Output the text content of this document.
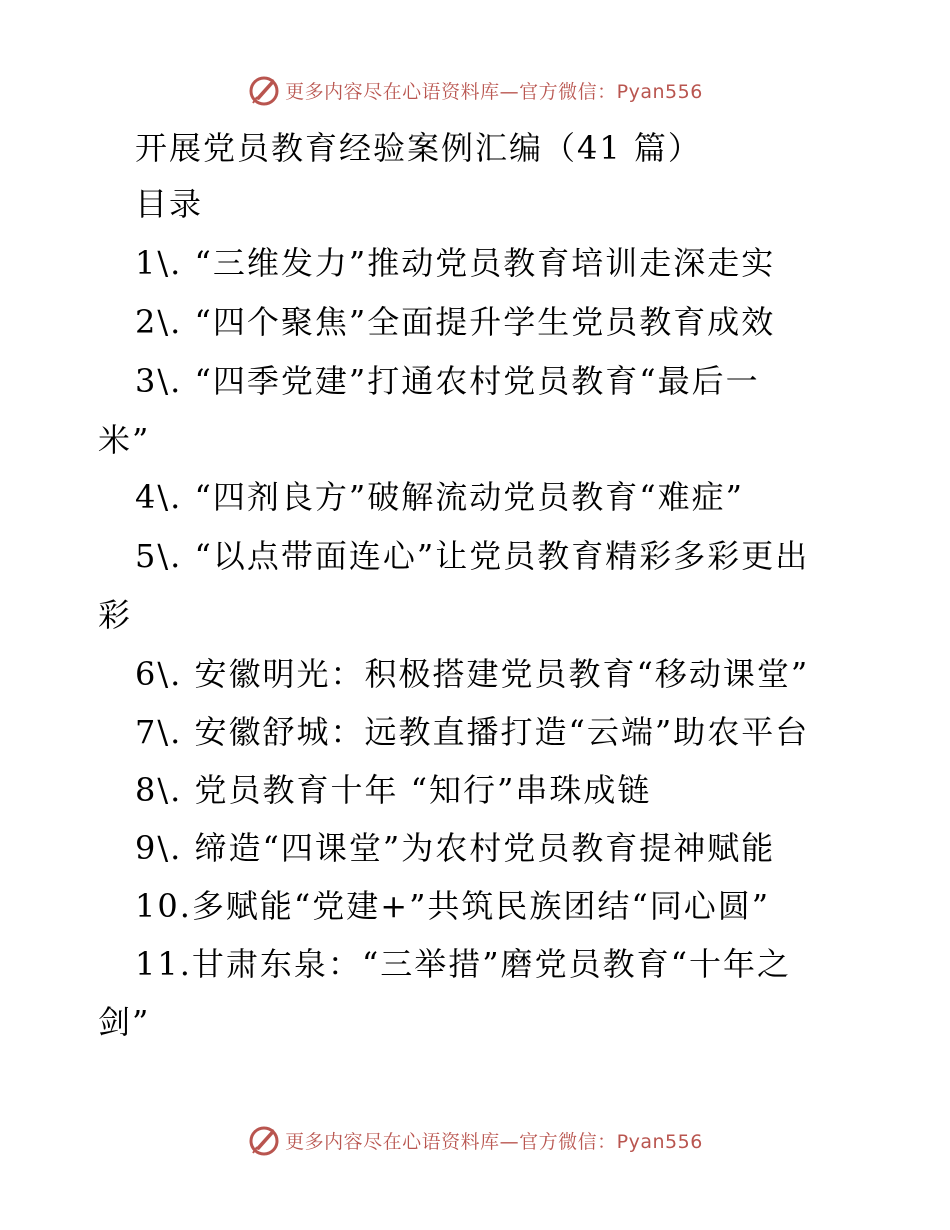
更多内容尽在心语资料库—官方微信：Pyan556
开展党员教育经验案例汇编（41 篇）
目录
1\. “三维发力”推动党员教育培训走深走实
2\. “四个聚焦”全面提升学生党员教育成效
3\. “四季党建”打通农村党员教育“最后一
米”
4\. “四剂良方”破解流动党员教育“难症”
5\. “以点带面连心”让党员教育精彩多彩更出
彩
6\. 安徽明光：积极搭建党员教育“移动课堂”
7\. 安徽舒城：远教直播打造“云端”助农平台
8\. 党员教育十年 “知行”串珠成链
9\. 缔造“四课堂”为农村党员教育提神赋能
10.多赋能“党建+”共筑民族团结“同心圆”
11.甘肃东泉：“三举措”磨党员教育“十年之
剑”
更多内容尽在心语资料库—官方微信：Pyan556
